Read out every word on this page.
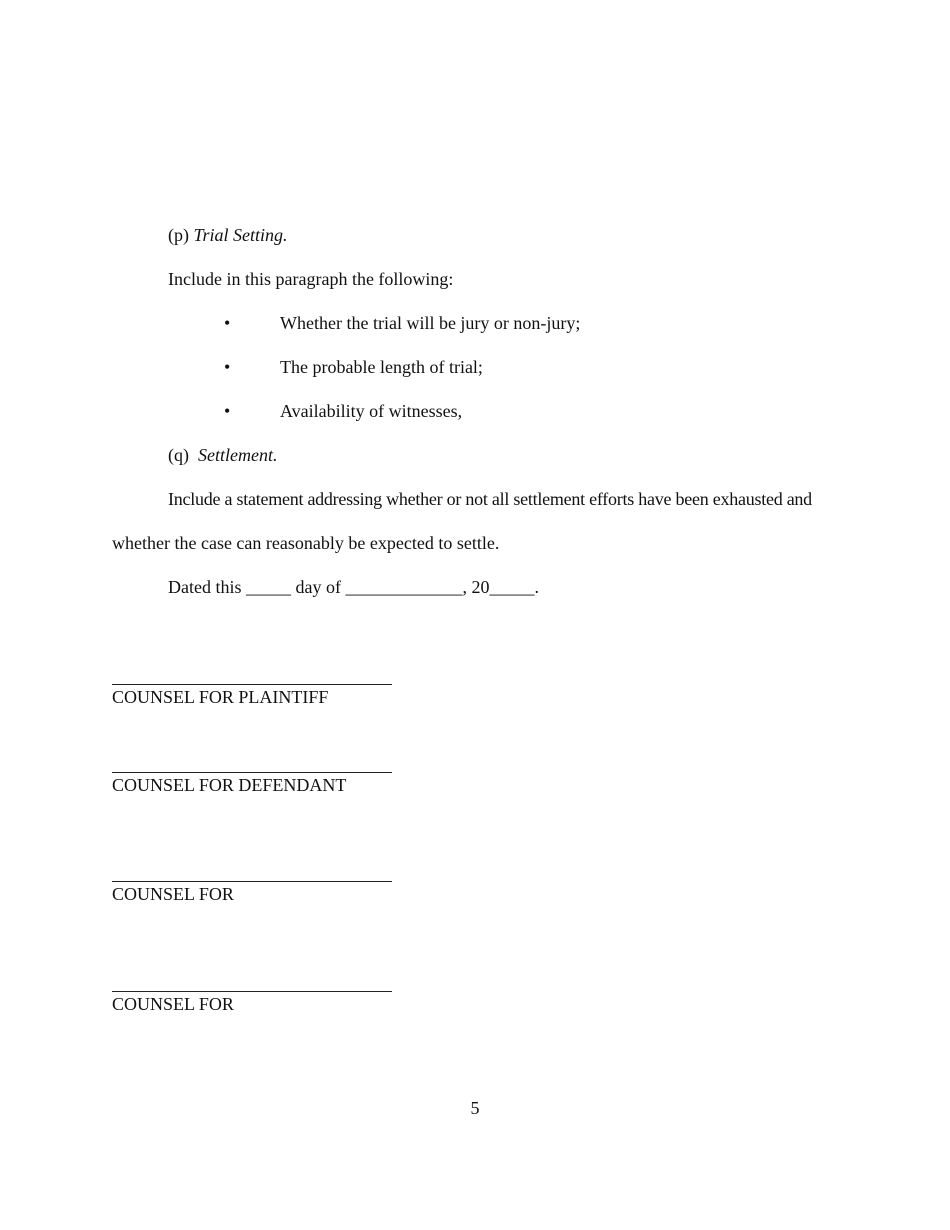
(p) Trial Setting.
Include in this paragraph the following:
•	Whether the trial will be jury or non-jury;
•	The probable length of trial;
•	Availability of witnesses,
(q) Settlement.
Include a statement addressing whether or not all settlement efforts have been exhausted and
whether the case can reasonably be expected to settle.
Dated this _____ day of _____________, 20_____.
COUNSEL FOR PLAINTIFF
COUNSEL FOR DEFENDANT
COUNSEL FOR
COUNSEL FOR
5
